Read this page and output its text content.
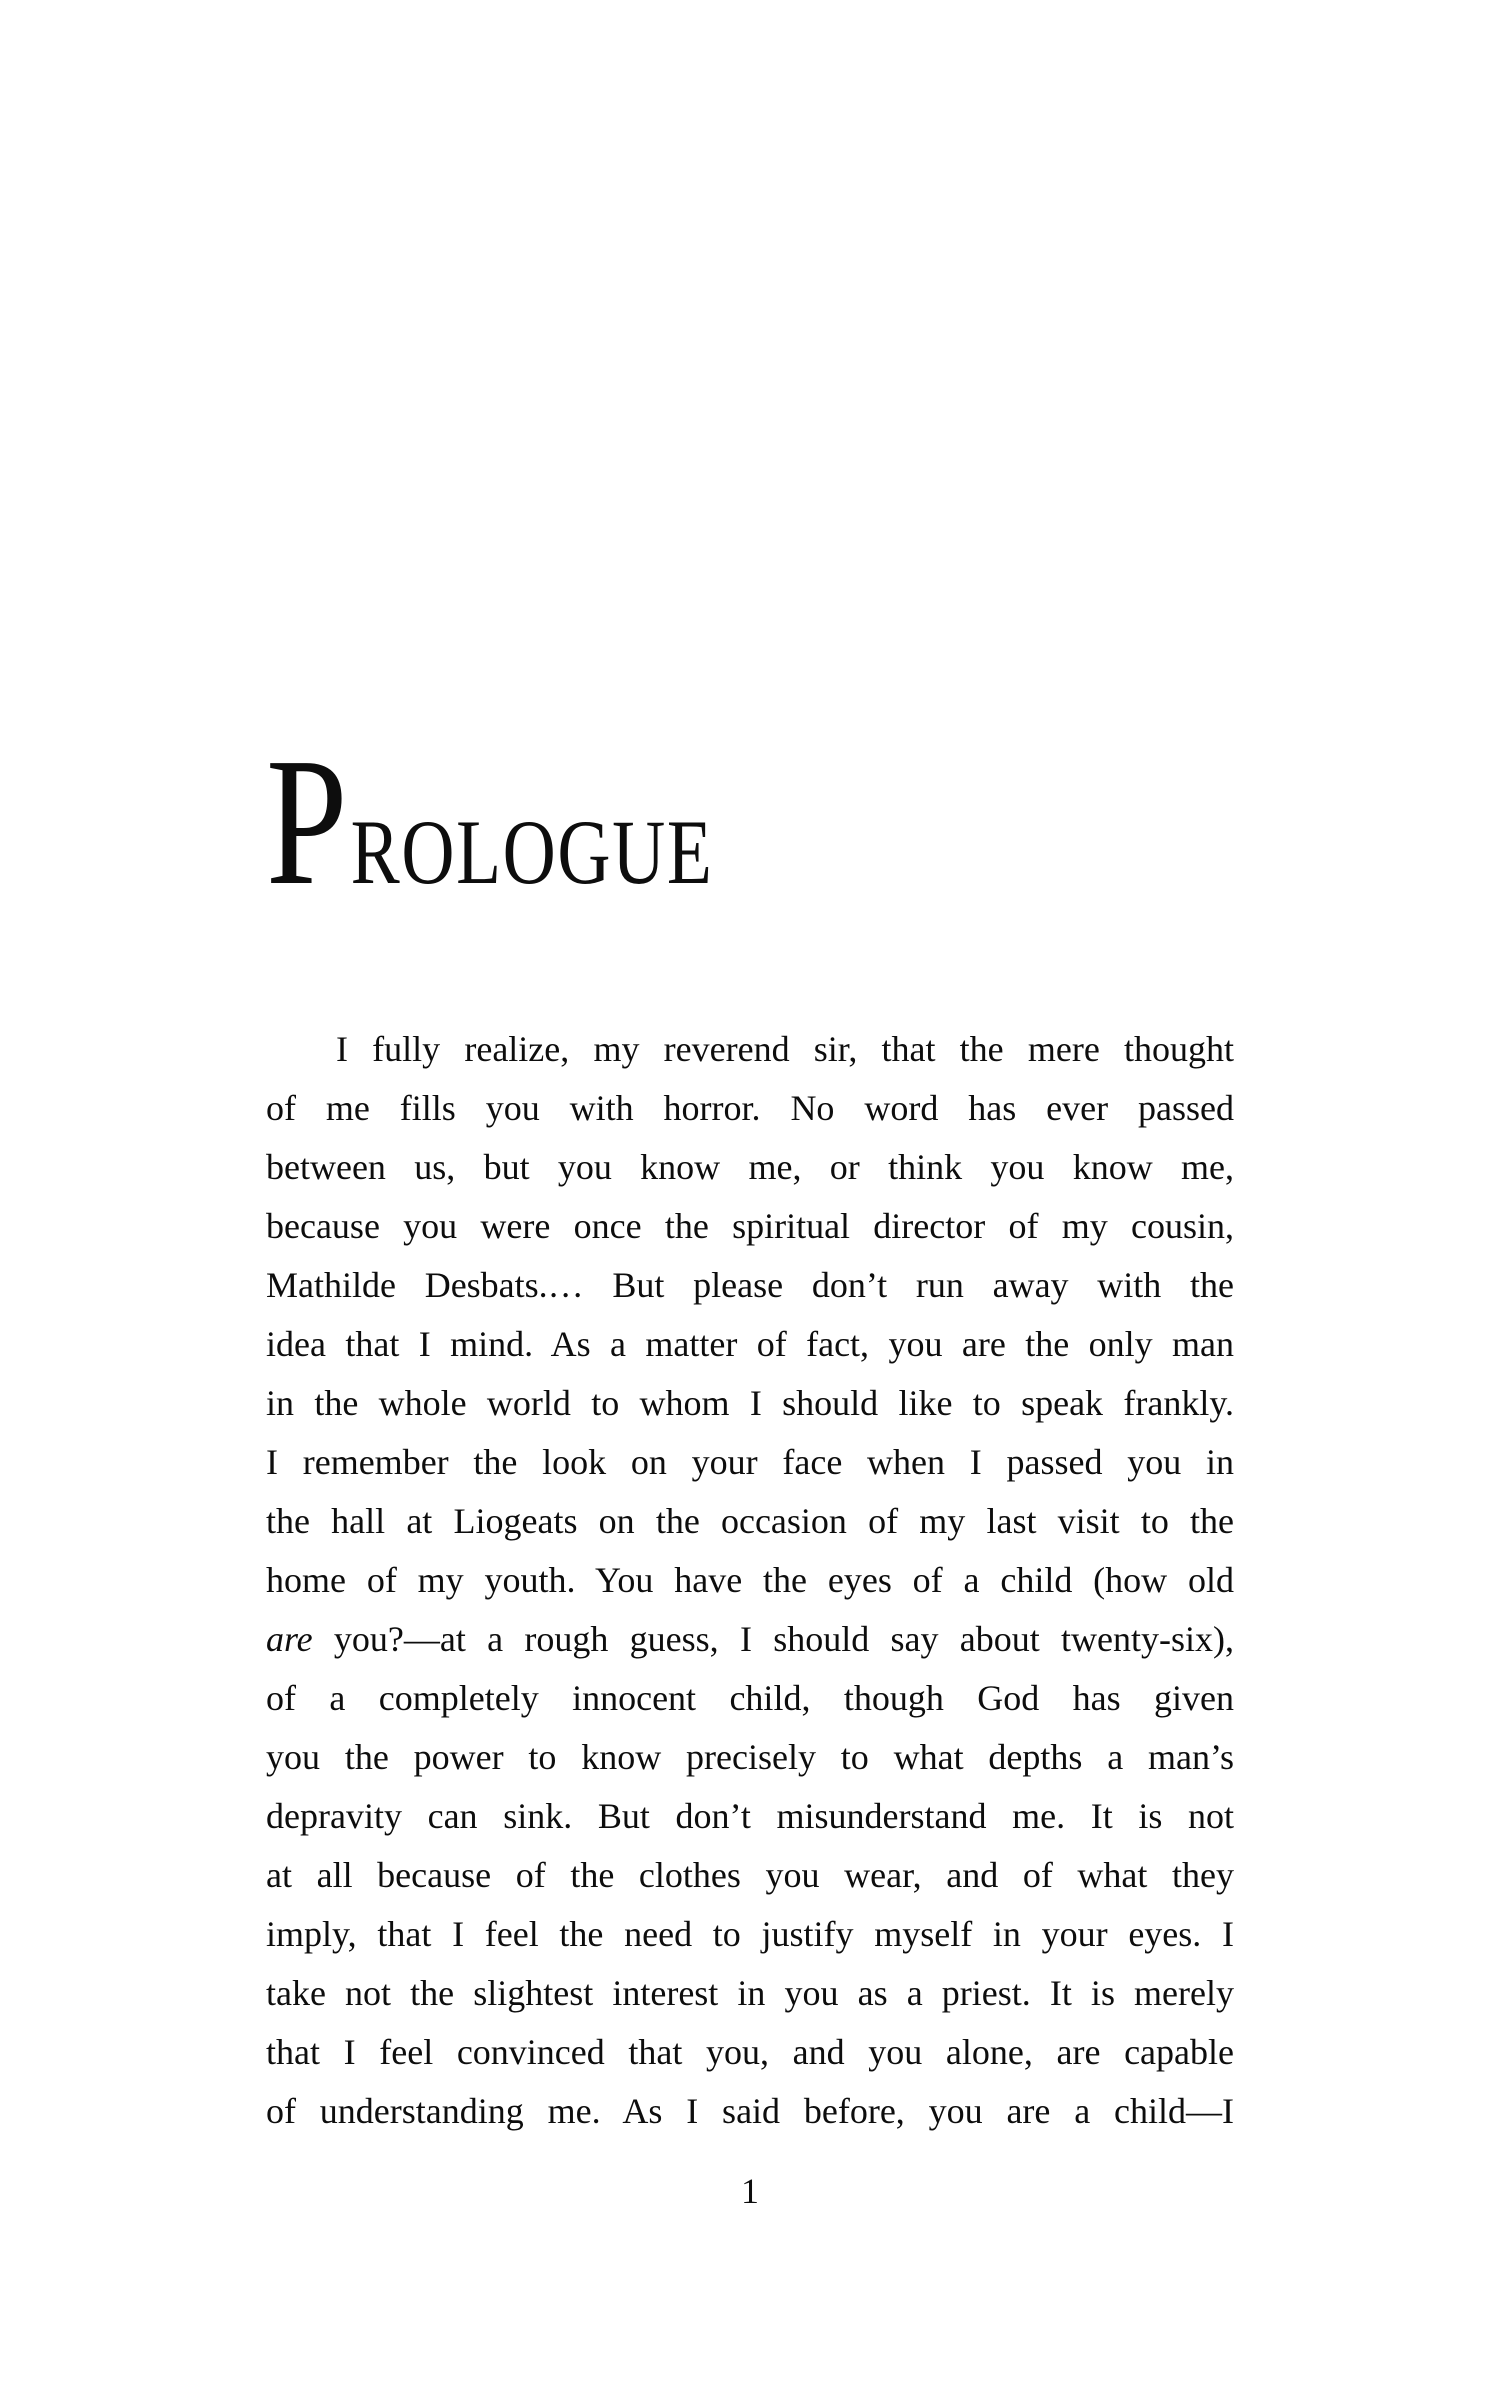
P ROLOGUE
I fully realize, my reverend sir, that the mere thought
of me fills you with horror. No word has ever passed
between us, but you know me, or think you know me,
because you were once the spiritual director of my cousin,
Mathilde Desbats.… But please don’t run away with the
idea that I mind. As a matter of fact, you are the only man
in the whole world to whom I should like to speak frankly.
I remember the look on your face when I passed you in
the hall at Liogeats on the occasion of my last visit to the
home of my youth. You have the eyes of a child (how old
are you?—at a rough guess, I should say about twenty-six),
of a completely innocent child, though God has given
you the power to know precisely to what depths a man’s
depravity can sink. But don’t misunderstand me. It is not
at all because of the clothes you wear, and of what they
imply, that I feel the need to justify myself in your eyes. I
take not the slightest interest in you as a priest. It is merely
that I feel convinced that you, and you alone, are capable
of understanding me. As I said before, you are a child—I
1
